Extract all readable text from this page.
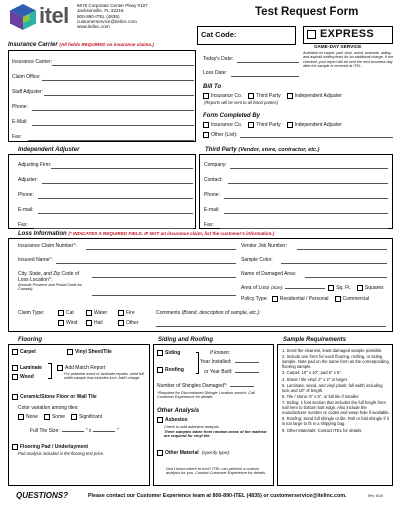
itel 6676 Corporate Center Pkwy #107
Jacksonville, FL 32216
800-890-ITEL (4835)
customerservice@itelinc.com
www.itelinc.com
Test Request Form
Cat Code:	EXPRESS
SAME-DAY SERVICE
Available on carpet, pad, vinyl, wood, laminate, siding, and asphalt roofing tests for an additional charge. If not checked, your report will be sent the next business day after the sample is received at ITEL.
Insurance Carrier (All fields REQUIRED on insurance claims.)
Insurance Carrier:
Claim Office:
Staff Adjuster:
Phone:
E-Mail:
Fax:
Today's Date:
Loss Date:
Bill To
Insurance Co.	Third Party	Independent Adjuster
(Reports will be sent to all listed parties)
Form Completed By
Insurance Co.	Third Party	Independent Adjuster
Other (List):
Independent Adjuster
Adjusting Firm:
Adjuster:
Phone:
E-mail:
Fax:
Third Party (Vendor, store, contractor, etc.)
Company:
Contact:
Phone:
E-mail:
Fax:
Loss Information (* INDICATES A REQUIRED FIELD. IF NOT an insurance claim, list the customer's information.)
Insurance Claim Number*:
Insured Name*:
City, State, and Zip Code of
Loss Location*:
(Include Province and Postal Code for Canada)
Vendor Job Number:
Sample Color:
Name of Damaged Area:
Area of Loss (Size):	Sq. Ft.	Squares
Policy Type: Residential / Personal	Commercial
Claim Type:	Cat	Water	Fire
Wind	Hail	Other
Comments (Brand, description of sample, etc.):
Flooring
Carpet	Vinyl Sheet/Tile
Laminate
Wood
Add Match Report
For potential wood or laminate repairs, send full width sample that includes lock. Add'l charge.
Ceramic/Stone Floor or Wall Tile
Color variation among tiles:
None	Some	Significant
Full Tile Size:	" x	"
Flooring Pad / Underlayment
Pad analysis included in the flooring test price.
Siding and Roofing
Siding	If known:
Year Installed:
Roofing	or Year Built:
Number of Shingles Damaged*:
*Required for Discontinued Shingle Location search. Call Customer Experience for details.
Other Analysis
Asbestos
Check to add asbestos analysis.
Three samples taken from random areas of the material are required for vinyl tile.
Other Material (specify type):
Don't know where to turn? ITEL can perform a custom analysis for you. Contact Customer Experience for details.
Sample Requirements
1. Send the cleanest, least damaged sample possible.
2. Include one form for each flooring, roofing, or siding sample. Note pad on the same form as the corresponding flooring sample.
3. Carpet: 10" x 10", pad 6" x 6".
4. Sheet / tile vinyl: 2" x 2" or larger.
5. Laminate, wood, and vinyl plank: full width including lock and 10" of length.
6. Tile / stone: 6" x 6", or full tile if smaller.
7. Siding: 1 foot section that includes the full height from nail hem to bottom butt edge. Also include the manufacturer number or codes and weep hole if available.
8. Roofing: Send full shingle or tile. Roll or fold shingle if it is too large to fit in a shipping bag.
9. Other Materials: Contact ITEL for details.
QUESTIONS?	Please contact our Customer Experience team at 800-890-ITEL (4835) or customerservice@itelinc.com.	Rev. 6/19
